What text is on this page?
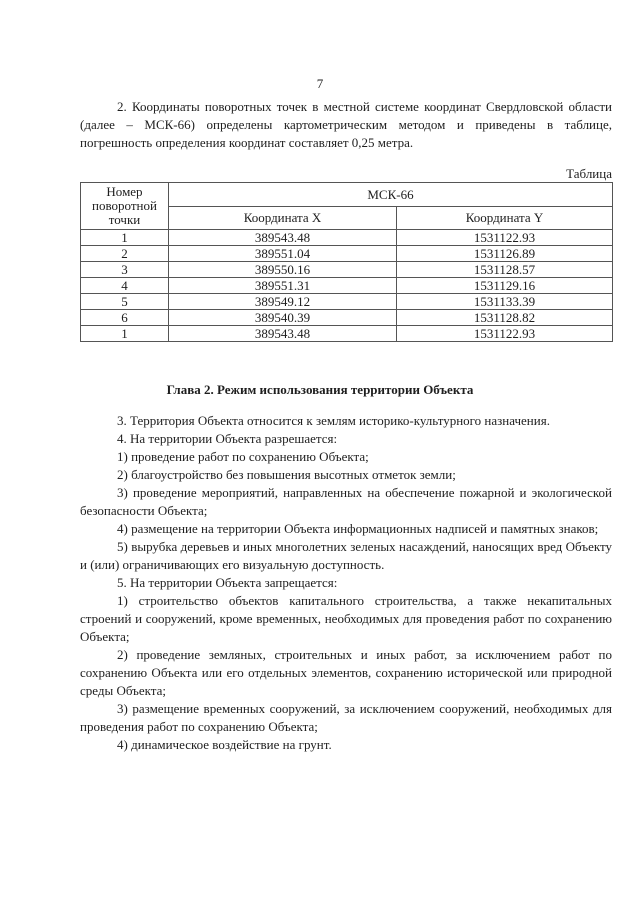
7
2. Координаты поворотных точек в местной системе координат Свердловской области (далее – МСК-66) определены картометрическим методом и приведены в таблице, погрешность определения координат составляет 0,25 метра.
Таблица
Номер поворотной точки	МСК-66	
	Координата X	Координата Y
1	389543.48	1531122.93
2	389551.04	1531126.89
3	389550.16	1531128.57
4	389551.31	1531129.16
5	389549.12	1531133.39
6	389540.39	1531128.82
1	389543.48	1531122.93
Глава 2. Режим использования территории Объекта

3. Территория Объекта относится к землям историко-культурного назначения.

4. На территории Объекта разрешается:

1) проведение работ по сохранению Объекта;

2) благоустройство без повышения высотных отметок земли;

3) проведение мероприятий, направленных на обеспечение пожарной и экологической безопасности Объекта;

4) размещение на территории Объекта информационных надписей и памятных знаков;

5) вырубка деревьев и иных многолетних зеленых насаждений, наносящих вред Объекту и (или) ограничивающих его визуальную доступность.

5. На территории Объекта запрещается:

1) строительство объектов капитального строительства, а также некапитальных строений и сооружений, кроме временных, необходимых для проведения работ по сохранению Объекта;

2) проведение земляных, строительных и иных работ, за исключением работ по сохранению Объекта или его отдельных элементов, сохранению исторической или природной среды Объекта;

3) размещение временных сооружений, за исключением сооружений, необходимых для проведения работ по сохранению Объекта;

4) динамическое воздействие на грунт.
